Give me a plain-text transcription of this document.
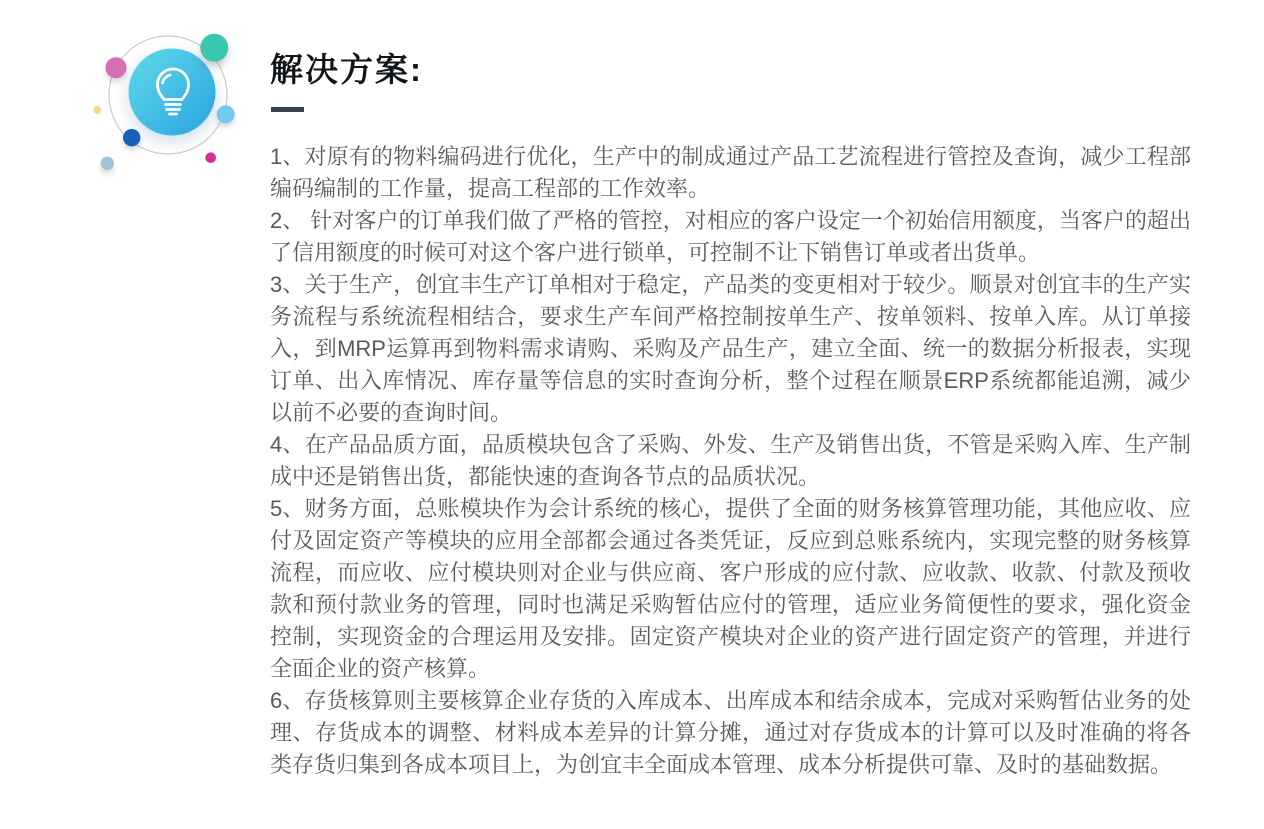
解决方案:

1、对原有的物料编码进行优化，生产中的制成通过产品工艺流程进行管控及查询，减少工程部编码编制的工作量，提高工程部的工作效率。

2、 针对客户的订单我们做了严格的管控，对相应的客户设定一个初始信用额度，当客户的超出了信用额度的时候可对这个客户进行锁单，可控制不让下销售订单或者出货单。

3、关于生产，创宜丰生产订单相对于稳定，产品类的变更相对于较少。顺景对创宜丰的生产实务流程与系统流程相结合，要求生产车间严格控制按单生产、按单领料、按单入库。从订单接入，到MRP运算再到物料需求请购、采购及产品生产，建立全面、统一的数据分析报表，实现订单、出入库情况、库存量等信息的实时查询分析，整个过程在顺景ERP系统都能追溯，减少以前不必要的查询时间。

4、在产品品质方面，品质模块包含了采购、外发、生产及销售出货，不管是采购入库、生产制成中还是销售出货，都能快速的查询各节点的品质状况。

5、财务方面，总账模块作为会计系统的核心，提供了全面的财务核算管理功能，其他应收、应付及固定资产等模块的应用全部都会通过各类凭证，反应到总账系统内，实现完整的财务核算流程，而应收、应付模块则对企业与供应商、客户形成的应付款、应收款、收款、付款及预收款和预付款业务的管理，同时也满足采购暂估应付的管理，适应业务简便性的要求，强化资金控制，实现资金的合理运用及安排。固定资产模块对企业的资产进行固定资产的管理，并进行全面企业的资产核算。

6、存货核算则主要核算企业存货的入库成本、出库成本和结余成本，完成对采购暂估业务的处理、存货成本的调整、材料成本差异的计算分摊，通过对存货成本的计算可以及时准确的将各类存货归集到各成本项目上，为创宜丰全面成本管理、成本分析提供可靠、及时的基础数据。
